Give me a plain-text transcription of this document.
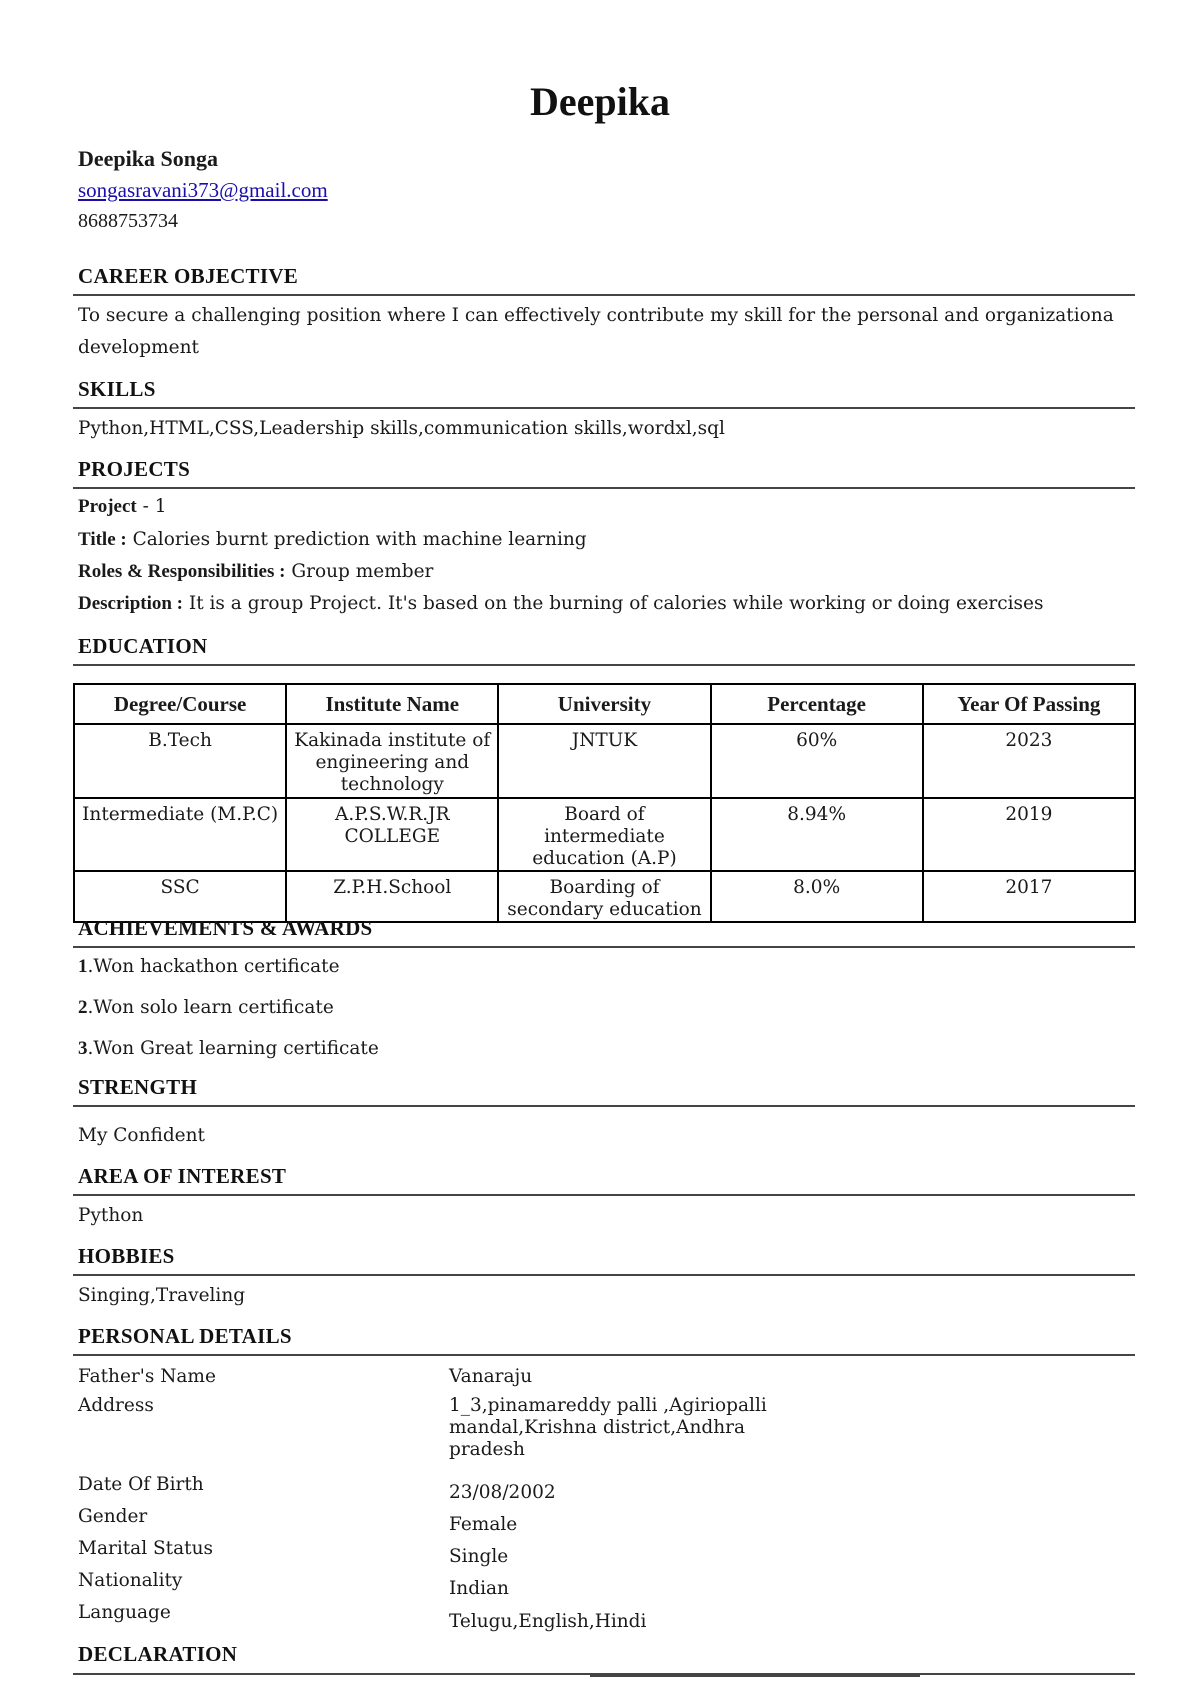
Deepika
Deepika Songa
songasravani373@gmail.com
8688753734
CAREER OBJECTIVE
To secure a challenging position where I can effectively contribute my skill for the personal and organizationa
development
SKILLS
Python,HTML,CSS,Leadership skills,communication skills,wordxl,sql
PROJECTS
Project - 1
Title : Calories burnt prediction with machine learning
Roles & Responsibilities : Group member
Description : It is a group Project. It's based on the burning of calories while working or doing exercises
EDUCATION
Degree/Course	Institute Name	University	Percentage	Year Of Passing
B.Tech	Kakinada institute of engineering and technology	JNTUK	60%	2023
Intermediate (M.P.C)	A.P.S.W.R.JR COLLEGE	Board of intermediate education (A.P)	8.94%	2019
SSC	Z.P.H.School	Boarding of secondary education	8.0%	2017
ACHIEVEMENTS & AWARDS
1.Won hackathon certificate
2.Won solo learn certificate
3.Won Great learning certificate
STRENGTH
My Confident
AREA OF INTEREST
Python
HOBBIES
Singing,Traveling
PERSONAL DETAILS
Father's Name	Vanaraju
Address	1_3,pinamareddy palli ,Agiriopalli mandal,Krishna district,Andhra pradesh
Date Of Birth	23/08/2002
Gender	Female
Marital Status	Single
Nationality	Indian
Language	Telugu,English,Hindi
DECLARATION
